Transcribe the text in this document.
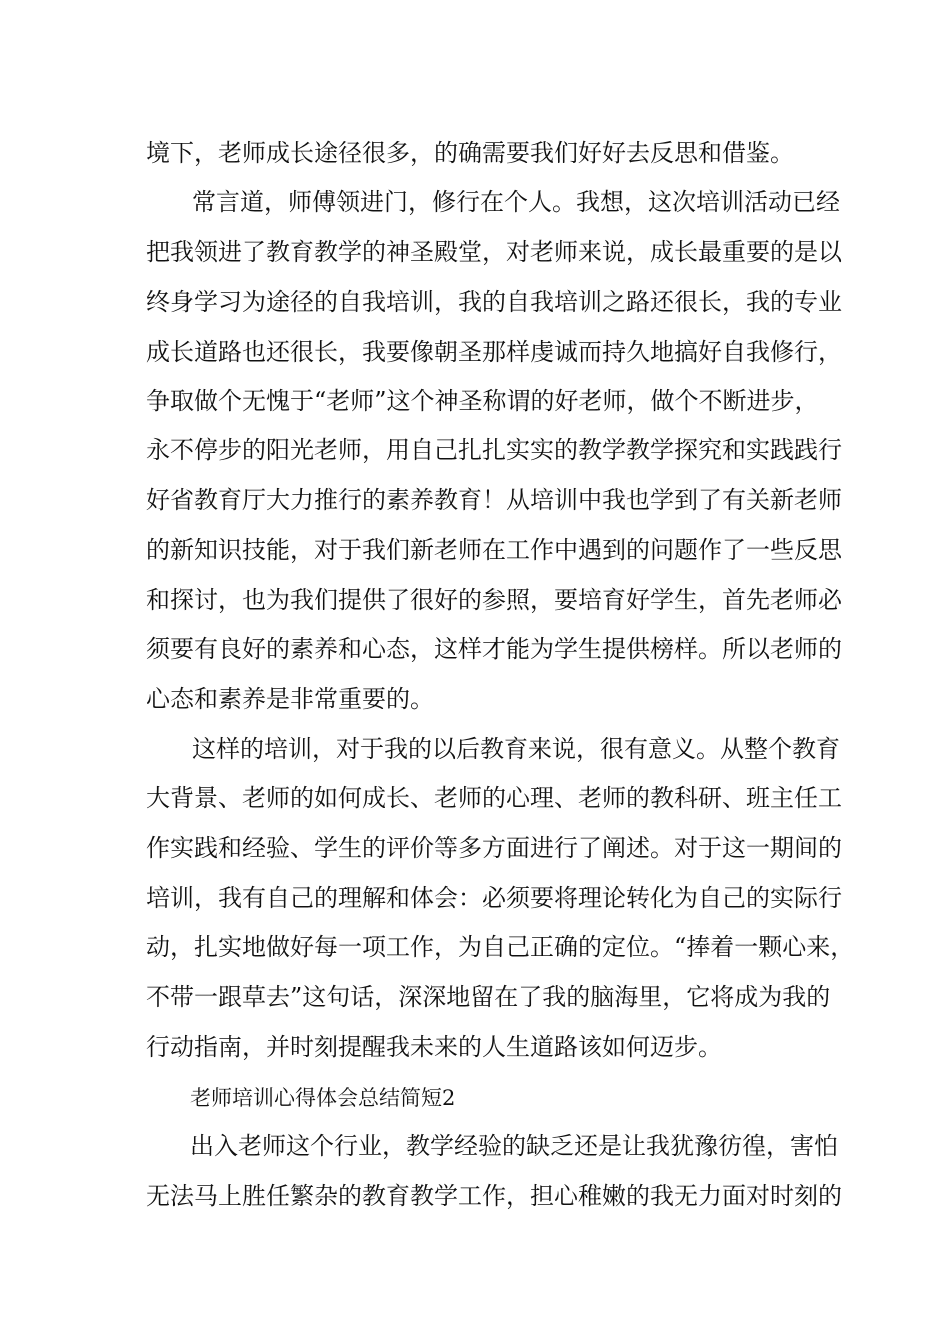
境下，老师成长途径很多，的确需要我们好好去反思和借鉴。
常言道，师傅领进门，修行在个人。我想，这次培训活动已经
把我领进了教育教学的神圣殿堂，对老师来说，成长最重要的是以
终身学习为途径的自我培训，我的自我培训之路还很长，我的专业
成长道路也还很长，我要像朝圣那样虔诚而持久地搞好自我修行，
争取做个无愧于“老师”这个神圣称谓的好老师，做个不断进步，
永不停步的阳光老师，用自己扎扎实实的教学教学探究和实践践行
好省教育厅大力推行的素养教育！从培训中我也学到了有关新老师
的新知识技能，对于我们新老师在工作中遇到的问题作了一些反思
和探讨，也为我们提供了很好的参照，要培育好学生，首先老师必
须要有良好的素养和心态，这样才能为学生提供榜样。所以老师的
心态和素养是非常重要的。
这样的培训，对于我的以后教育来说，很有意义。从整个教育
大背景、老师的如何成长、老师的心理、老师的教科研、班主任工
作实践和经验、学生的评价等多方面进行了阐述。对于这一期间的
培训，我有自己的理解和体会：必须要将理论转化为自己的实际行
动，扎实地做好每一项工作，为自己正确的定位。“捧着一颗心来，
不带一跟草去”这句话，深深地留在了我的脑海里，它将成为我的
行动指南，并时刻提醒我未来的人生道路该如何迈步。
老师培训心得体会总结简短2
出入老师这个行业，教学经验的缺乏还是让我犹豫彷徨，害怕
无法马上胜任繁杂的教育教学工作，担心稚嫩的我无力面对时刻的
